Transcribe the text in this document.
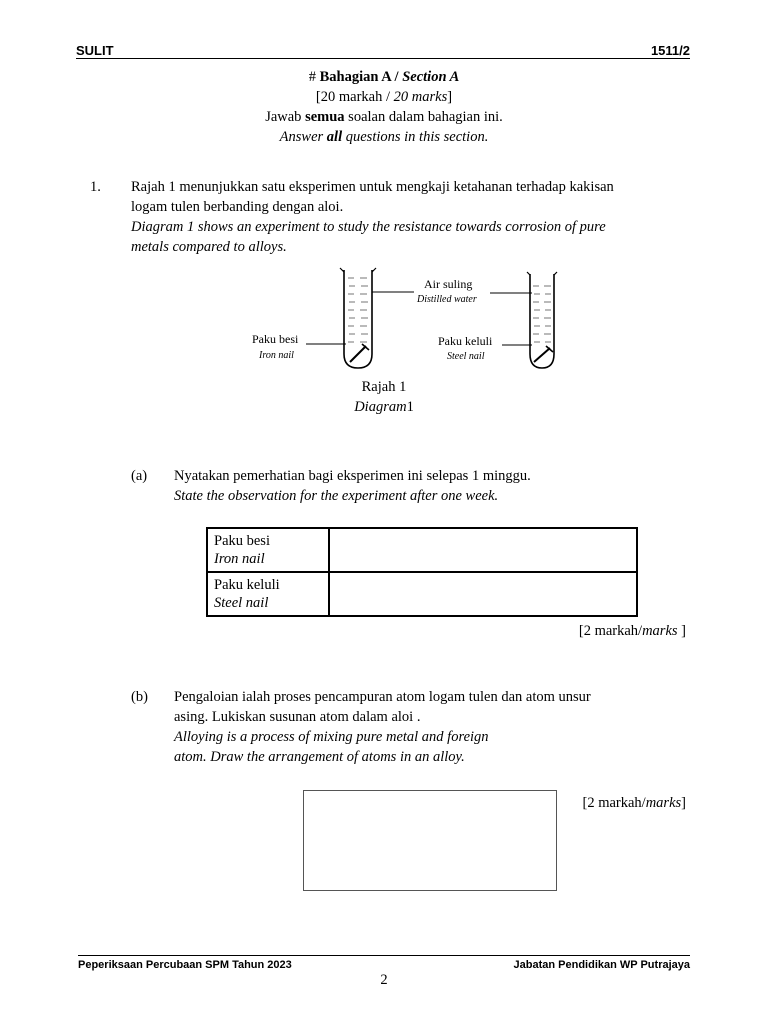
SULIT	1511/2
# Bahagian A / Section A
[20 markah / 20 marks]
Jawab semua soalan dalam bahagian ini.
Answer all questions in this section.
1. Rajah 1 menunjukkan satu eksperimen untuk mengkaji ketahanan terhadap kakisan
logam tulen berbanding dengan aloi.
Diagram 1 shows an experiment to study the resistance towards corrosion of pure
metals compared to alloys.
Air suling
Distilled water
Paku besi
Iron nail
Paku keluli
Steel nail
Rajah 1
Diagram1
(a) Nyatakan pemerhatian bagi eksperimen ini selepas 1 minggu.
State the observation for the experiment after one week.
Paku besi
Iron nail	

Paku keluli
Steel nail	

[2 markah/marks ]
(b) Pengaloian ialah proses pencampuran atom logam tulen dan atom unsur
asing. Lukiskan susunan atom dalam aloi .
Alloying is a process of mixing pure metal and foreign
atom. Draw the arrangement of atoms in an alloy.
[2 markah/marks]
Peperiksaan Percubaan SPM Tahun 2023	Jabatan Pendidikan WP Putrajaya
2
